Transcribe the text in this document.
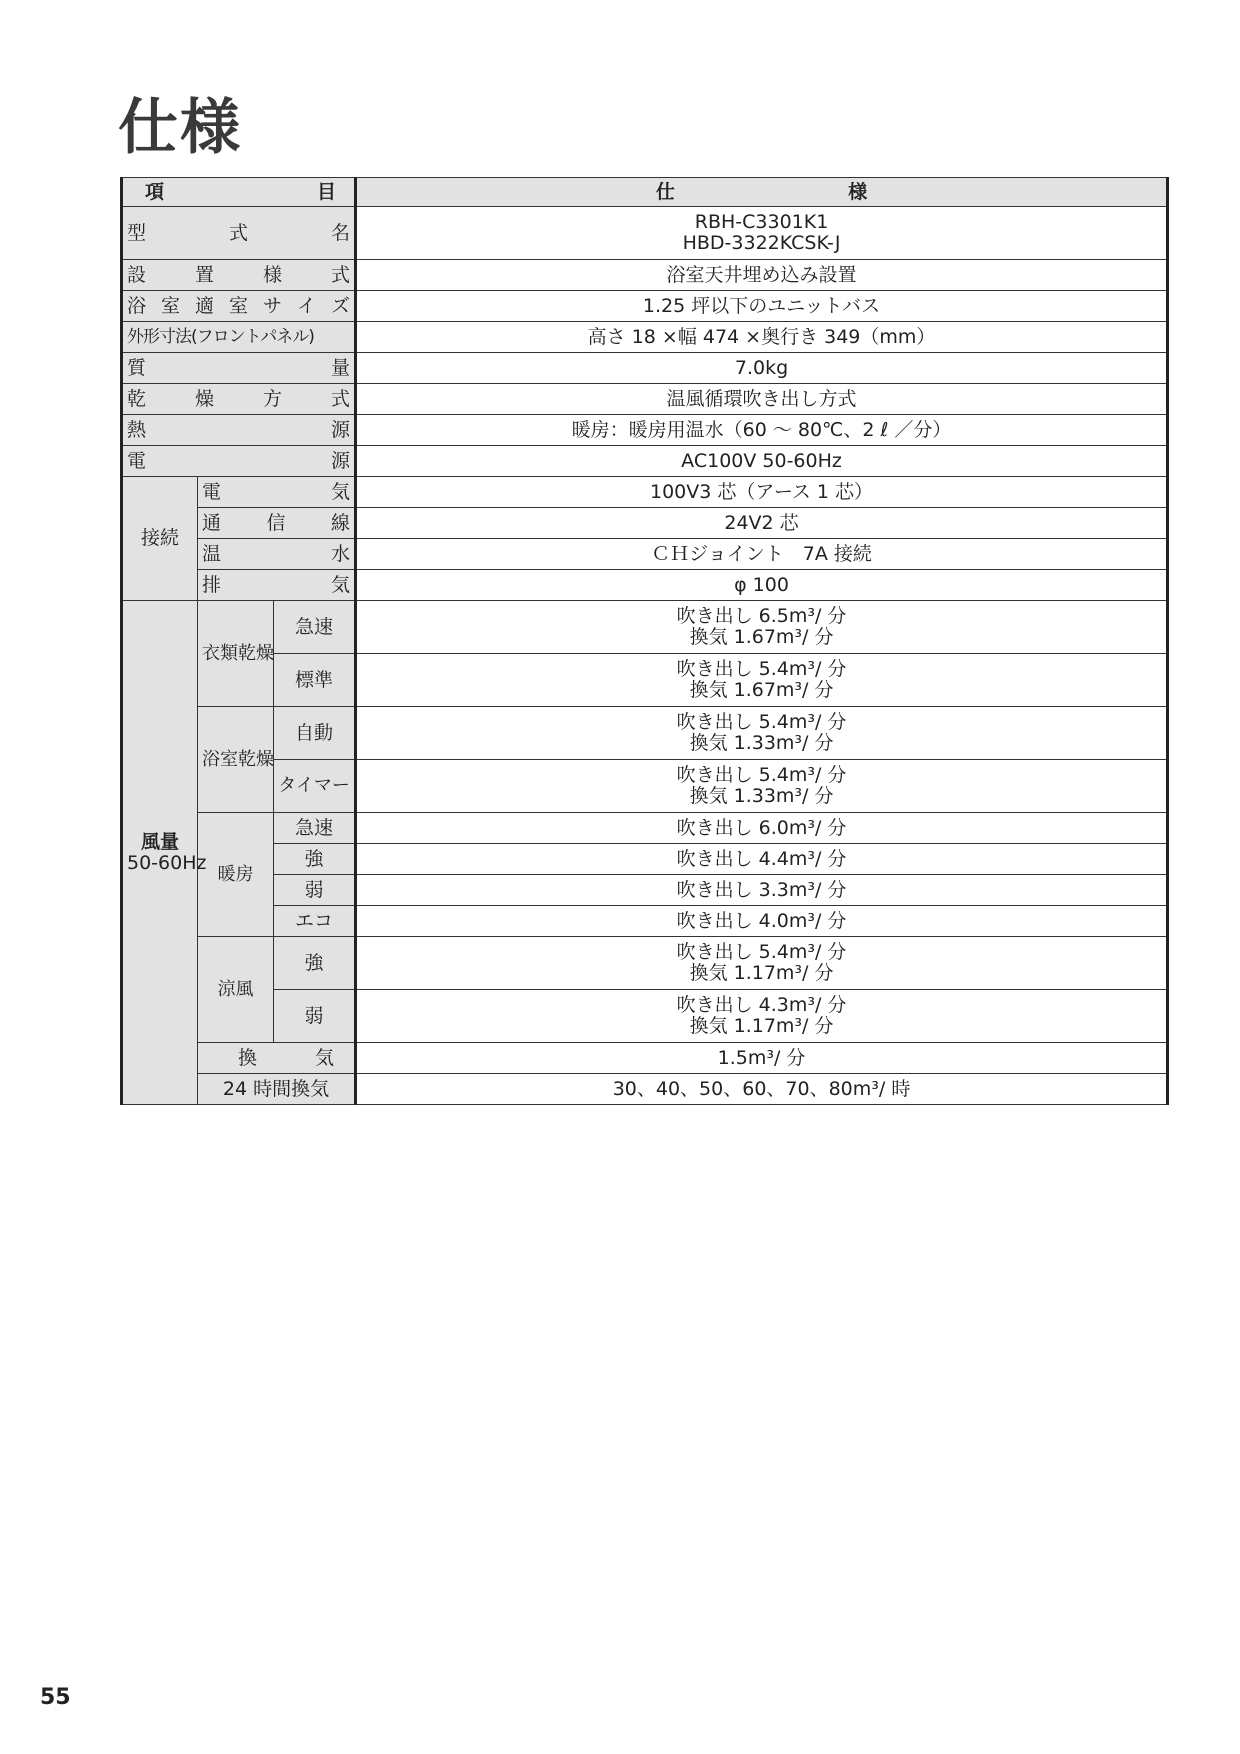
仕様
項 目			仕 様
型　　式　　名			RBH-C3301K1
HBD-3322KCSK-J

設　置　様　式			浴室天井埋め込み設置
浴 室 適 室 サ イ ズ			1.25 坪以下のユニットバス
外形寸法(フロントパネル)			高さ 18 ×幅 474 ×奥行き 349（mm）
質　　　　　量			7.0kg
乾　燥　方　式			温風循環吹き出し方式
熱　　　　　源			暖房：暖房用温水（60 ～ 80℃、2 ℓ ／分）
電　　　　　源			AC100V 50-60Hz
接続	電　　気		100V3 芯（アース 1 芯）
	通　信　線		24V2 芯
	温　　水		ＣＨジョイント　7A 接続
	排　　気		φ 100

風量
50-60Hz	衣類乾燥	急速	吹き出し 6.5m³/ 分
換気 1.67m³/ 分

		標準	吹き出し 5.4m³/ 分
換気 1.67m³/ 分

	浴室乾燥	自動	吹き出し 5.4m³/ 分
換気 1.33m³/ 分

		タイマー	吹き出し 5.4m³/ 分
換気 1.33m³/ 分

	暖房	急速	吹き出し 6.0m³/ 分
		強	吹き出し 4.4m³/ 分
		弱	吹き出し 3.3m³/ 分
		エコ	吹き出し 4.0m³/ 分
	涼風	強	吹き出し 5.4m³/ 分
換気 1.17m³/ 分

		弱	吹き出し 4.3m³/ 分
換気 1.17m³/ 分

	換　　気		1.5m³/ 分
	24 時間換気		30、40、50、60、70、80m³/ 時
55
